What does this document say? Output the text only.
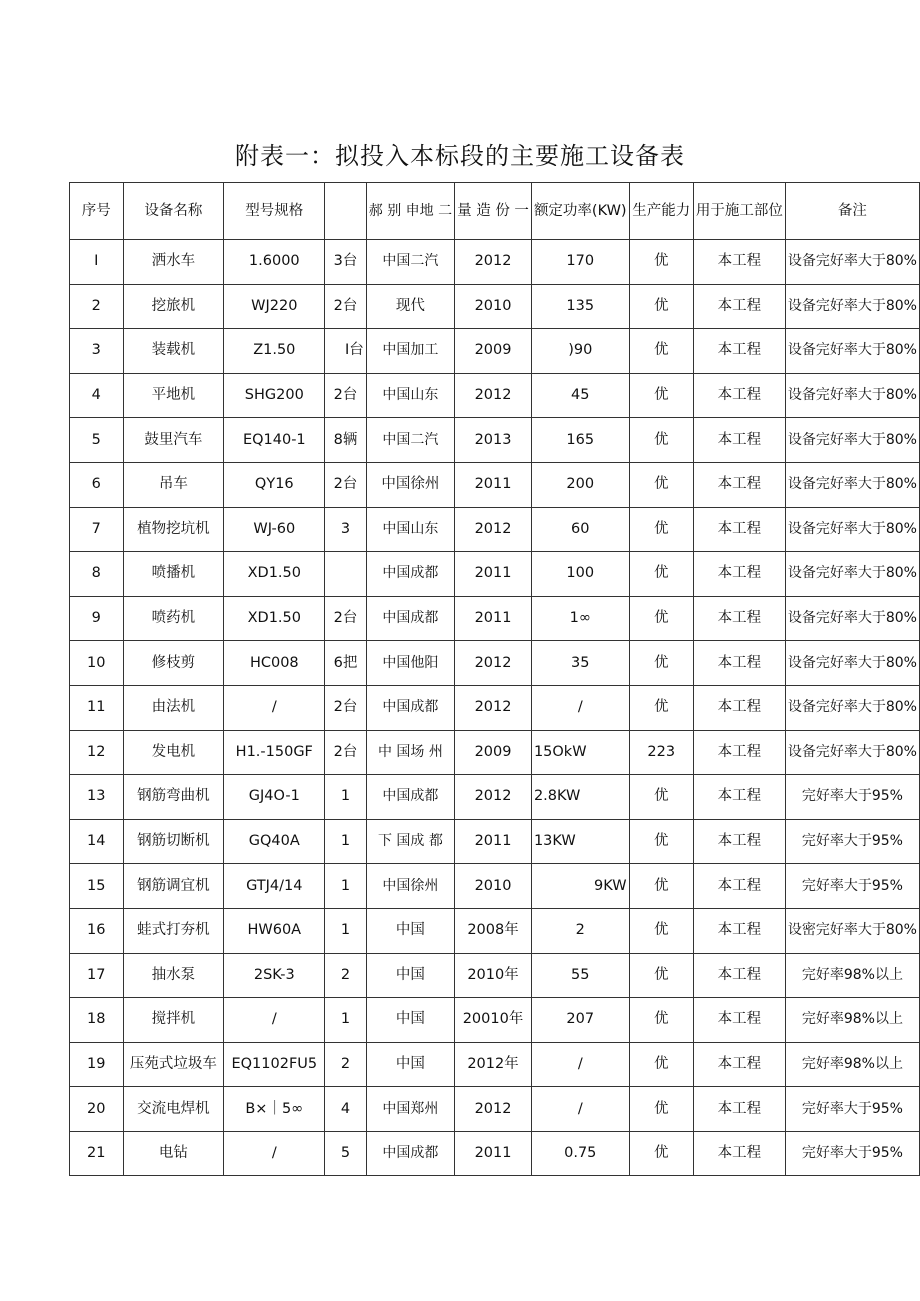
附表一：拟投入本标段的主要施工设备表
序号	设备名称	型号规格		郝 别 申地 二	量 造 份 一	额定功率(KW)	生产能力	用于施工部位	备注
I	洒水车	1.6000	3台	中国二汽	2012	170	优	本工程	设备完好率大于80%
2	挖旅机	WJ220	2台	现代	2010	135	优	本工程	设备完好率大于80%
3	装载机	Z1.50	I台	中国加工	2009	)90	优	本工程	设备完好率大于80%
4	平地机	SHG200	2台	中国山东	2012	45	优	本工程	设备完好率大于80%
5	鼓里汽车	EQ140-1	8辆	中国二汽	2013	165	优	本工程	设备完好率大于80%
6	吊车	QY16	2台	中国徐州	2011	200	优	本工程	设备完好率大于80%
7	植物挖坑机	WJ-60	3	中国山东	2012	60	优	本工程	设备完好率大于80%
8	喷播机	XD1.50		中国成都	2011	100	优	本工程	设备完好率大于80%
9	喷药机	XD1.50	2台	中国成都	2011	1∞	优	本工程	设备完好率大于80%
10	修枝剪	HC008	6把	中国他阳	2012	35	优	本工程	设备完好率大于80%
11	由法机	/	2台	中国成都	2012	/	优	本工程	设备完好率大于80%
12	发电机	H1.-150GF	2台	中 国场 州	2009	15OkW	223	本工程	设备完好率大于80%
13	钢筋弯曲机	GJ4O-1	1	中国成都	2012	2.8KW	优	本工程	完好率大于95%
14	钢筋切断机	GQ40A	1	下 国成 都	2011	13KW	优	本工程	完好率大于95%
15	钢筋调宜机	GTJ4/14	1	中国徐州	2010	9KW	优	本工程	完好率大于95%
16	蛙式打夯机	HW60A	1	中国	2008年	2	优	本工程	设密完好率大于80%
17	抽水泵	2SK-3	2	中国	2010年	55	优	本工程	完好率98%以上
18	搅拌机	/	1	中国	20010年	207	优	本工程	完好率98%以上
19	压苑式垃圾车	EQ1102FU5	2	中国	2012年	/	优	本工程	完好率98%以上
20	交流电焊机	B×｜5∞	4	中国郑州	2012	/	优	本工程	完好率大于95%
21	电钻	/	5	中国成都	2011	0.75	优	本工程	完好率大于95%
